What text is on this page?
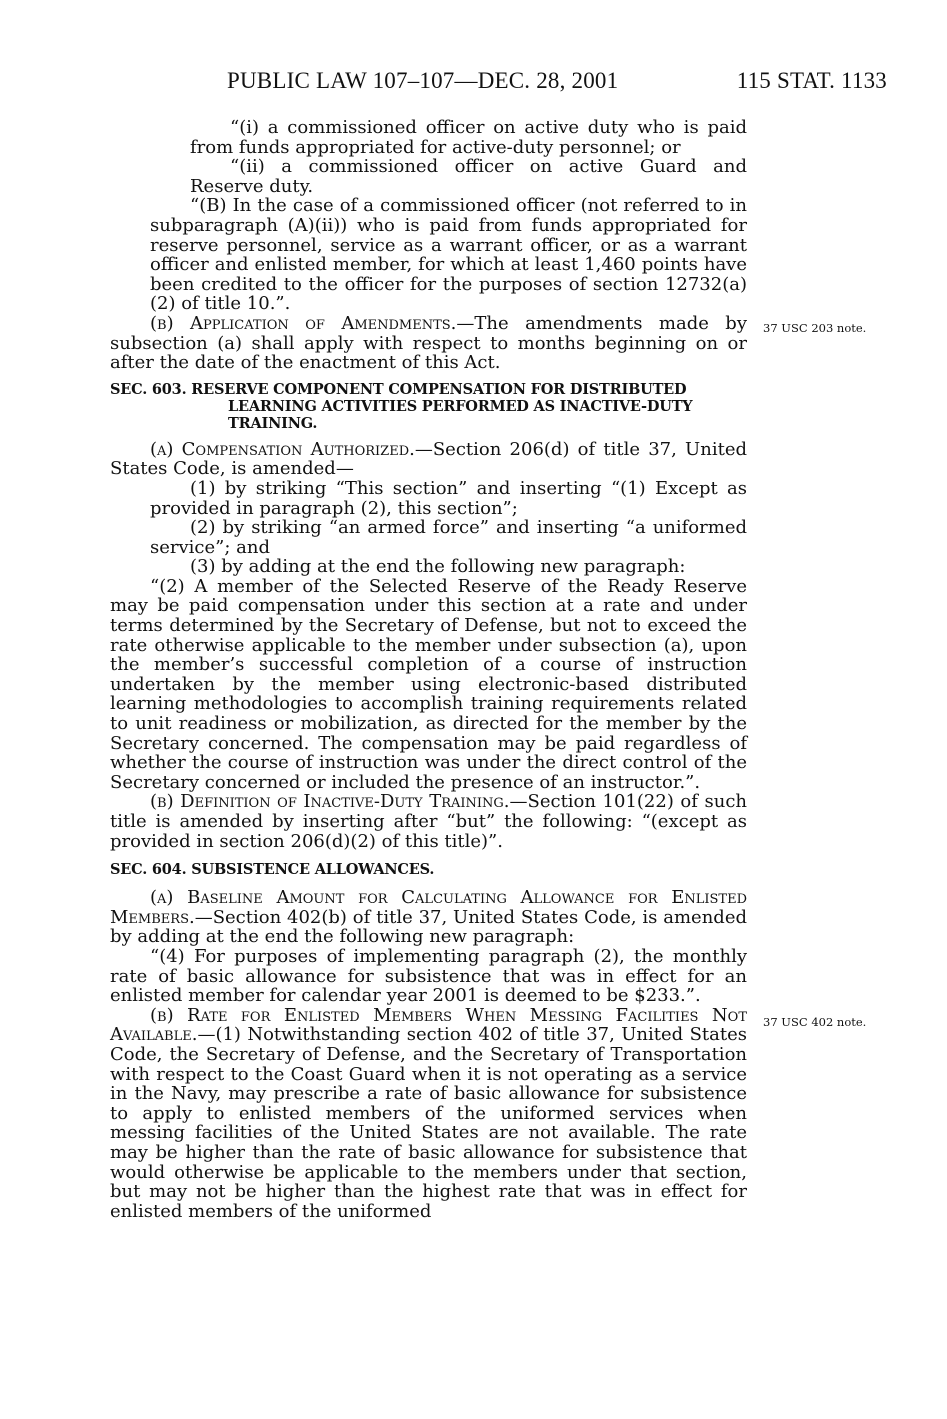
PUBLIC LAW 107–107—DEC. 28, 2001	115 STAT. 1133
37 USC 203 note.
37 USC 402 note.

“(i) a commissioned officer on active duty who is paid from funds appropriated for active-duty personnel; or

“(ii) a commissioned officer on active Guard and Reserve duty.

“(B) In the case of a commissioned officer (not referred to in subparagraph (A)(ii)) who is paid from funds appropriated for reserve personnel, service as a warrant officer, or as a warrant officer and enlisted member, for which at least 1,460 points have been credited to the officer for the purposes of section 12732(a)(2) of title 10.”.

(b) Application of Amendments.—The amendments made by subsection (a) shall apply with respect to months beginning on or after the date of the enactment of this Act.

SEC. 603. RESERVE COMPONENT COMPENSATION FOR DISTRIBUTED LEARNING ACTIVITIES PERFORMED AS INACTIVE-DUTY TRAINING.

(a) Compensation Authorized.—Section 206(d) of title 37, United States Code, is amended—

(1) by striking “This section” and inserting “(1) Except as provided in paragraph (2), this section”;

(2) by striking “an armed force” and inserting “a uniformed service”; and

(3) by adding at the end the following new paragraph:

“(2) A member of the Selected Reserve of the Ready Reserve may be paid compensation under this section at a rate and under terms determined by the Secretary of Defense, but not to exceed the rate otherwise applicable to the member under subsection (a), upon the member’s successful completion of a course of instruction undertaken by the member using electronic-based distributed learning methodologies to accomplish training requirements related to unit readiness or mobilization, as directed for the member by the Secretary concerned. The compensation may be paid regardless of whether the course of instruction was under the direct control of the Secretary concerned or included the presence of an instructor.”.

(b) Definition of Inactive-Duty Training.—Section 101(22) of such title is amended by inserting after “but” the following: “(except as provided in section 206(d)(2) of this title)”.

SEC. 604. SUBSISTENCE ALLOWANCES.

(a) Baseline Amount for Calculating Allowance for Enlisted Members.—Section 402(b) of title 37, United States Code, is amended by adding at the end the following new paragraph:

“(4) For purposes of implementing paragraph (2), the monthly rate of basic allowance for subsistence that was in effect for an enlisted member for calendar year 2001 is deemed to be $233.”.

(b) Rate for Enlisted Members When Messing Facilities Not Available.—(1) Notwithstanding section 402 of title 37, United States Code, the Secretary of Defense, and the Secretary of Transportation with respect to the Coast Guard when it is not operating as a service in the Navy, may prescribe a rate of basic allowance for subsistence to apply to enlisted members of the uniformed services when messing facilities of the United States are not available. The rate may be higher than the rate of basic allowance for subsistence that would otherwise be applicable to the members under that section, but may not be higher than the highest rate that was in effect for enlisted members of the uniformed
